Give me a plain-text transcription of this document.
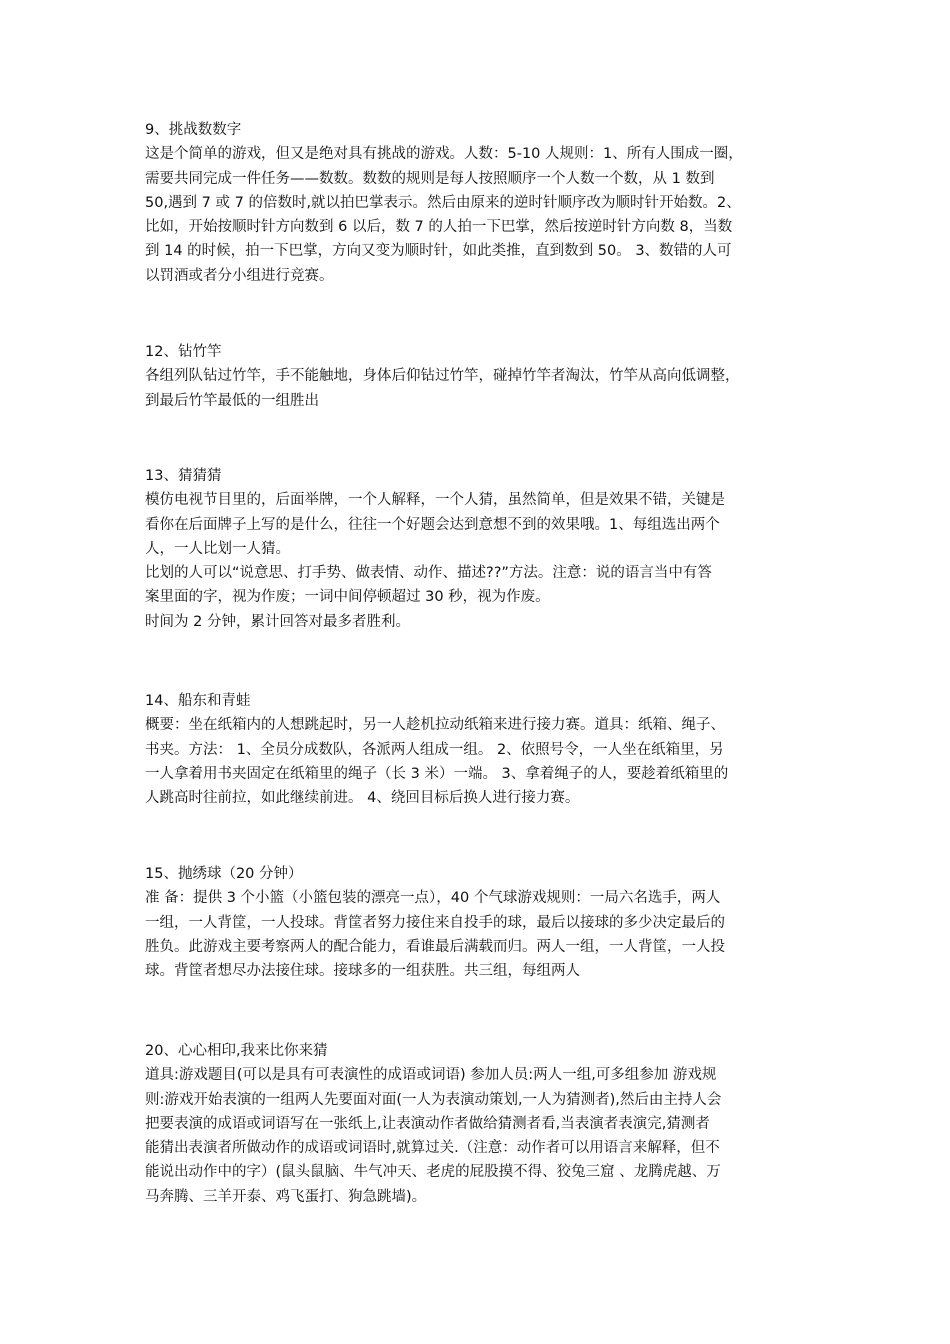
9、挑战数数字
这是个简单的游戏，但又是绝对具有挑战的游戏。人数：5-10 人规则：1、所有人围成一圈，
需要共同完成一件任务——数数。数数的规则是每人按照顺序一个人数一个数，从 1 数到
50,遇到 7 或 7 的倍数时,就以拍巴掌表示。然后由原来的逆时针顺序改为顺时针开始数。2、
比如，开始按顺时针方向数到 6 以后，数 7 的人拍一下巴掌，然后按逆时针方向数 8，当数
到 14 的时候，拍一下巴掌，方向又变为顺时针，如此类推，直到数到 50。 3、数错的人可
以罚酒或者分小组进行竞赛。
12、钻竹竿
各组列队钻过竹竿，手不能触地，身体后仰钻过竹竿，碰掉竹竿者淘汰，竹竿从高向低调整，
到最后竹竿最低的一组胜出
13、猜猜猜
模仿电视节目里的，后面举牌，一个人解释，一个人猜，虽然简单，但是效果不错，关键是
看你在后面牌子上写的是什么，往往一个好题会达到意想不到的效果哦。1、每组选出两个
人，一人比划一人猜。
比划的人可以“说意思、打手势、做表情、动作、描述??”方法。注意：说的语言当中有答
案里面的字，视为作废；一词中间停顿超过 30 秒，视为作废。
时间为 2 分钟，累计回答对最多者胜利。
14、船东和青蛙
概要：坐在纸箱内的人想跳起时，另一人趁机拉动纸箱来进行接力赛。道具：纸箱、绳子、
书夹。方法： 1、全员分成数队，各派两人组成一组。 2、依照号令，一人坐在纸箱里，另
一人拿着用书夹固定在纸箱里的绳子（长 3 米）一端。 3、拿着绳子的人，要趁着纸箱里的
人跳高时往前拉，如此继续前进。 4、绕回目标后换人进行接力赛。
15、抛绣球（20 分钟）
准 备：提供 3 个小篮（小篮包装的漂亮一点），40 个气球游戏规则：一局六名选手，两人
一组，一人背筐，一人投球。背筐者努力接住来自投手的球，最后以接球的多少决定最后的
胜负。此游戏主要考察两人的配合能力，看谁最后满载而归。两人一组，一人背筐，一人投
球。背筐者想尽办法接住球。接球多的一组获胜。共三组，每组两人
20、心心相印,我来比你来猜
道具:游戏题目(可以是具有可表演性的成语或词语) 参加人员:两人一组,可多组参加 游戏规
则:游戏开始表演的一组两人先要面对面(一人为表演动策划,一人为猜测者),然后由主持人会
把要表演的成语或词语写在一张纸上,让表演动作者做给猜测者看,当表演者表演完,猜测者
能猜出表演者所做动作的成语或词语时,就算过关.（注意：动作者可以用语言来解释，但不
能说出动作中的字）(鼠头鼠脑、牛气冲天、老虎的屁股摸不得、狡兔三窟 、龙腾虎越、万
马奔腾、三羊开泰、鸡飞蛋打、狗急跳墙)。
